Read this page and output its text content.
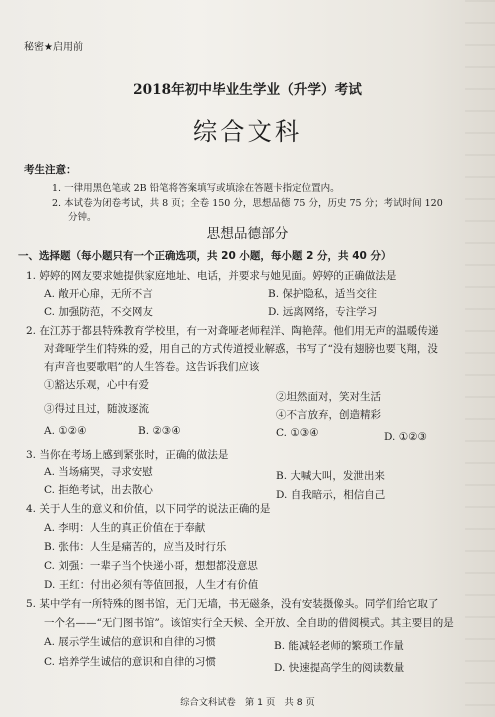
秘密★启用前
2018年初中毕业生学业（升学）考试
综合文科
考生注意：
1. 一律用黑色笔或 2B 铅笔将答案填写或填涂在答题卡指定位置内。
2. 本试卷为闭卷考试，共 8 页；全卷 150 分，思想品德 75 分，历史 75 分；考试时间 120
分钟。
思想品德部分
一、选择题（每小题只有一个正确选项，共 20 小题，每小题 2 分，共 40 分）
1. 婷婷的网友要求她提供家庭地址、电话，并要求与她见面。婷婷的正确做法是
A. 敞开心扉，无所不言	B. 保护隐私，适当交往
C. 加强防范，不交网友	D. 远离网络，专注学习
2. 在江苏于都县特殊教育学校里，有一对聋哑老师程洋、陶艳萍。他们用无声的温暖传递
对聋哑学生们特殊的爱，用自己的方式传道授业解惑，书写了“没有翅膀也要飞翔，没
有声音也要歌唱”的人生答卷。这告诉我们应该
①豁达乐观，心中有爱
②坦然面对，笑对生活
③得过且过，随波逐流	④不言放弃，创造精彩
A. ①②④	B. ②③④	C. ①③④	D. ①②③
3. 当你在考场上感到紧张时，正确的做法是
A. 当场痛哭，寻求安慰	B. 大喊大叫，发泄出来
C. 拒绝考试，出去散心	D. 自我暗示，相信自己
4. 关于人生的意义和价值，以下同学的说法正确的是
A. 李明：人生的真正价值在于奉献
B. 张伟：人生是痛苦的，应当及时行乐
C. 刘强：一辈子当个快递小哥，想想都没意思
D. 王红：付出必须有等值回报，人生才有价值
5. 某中学有一所特殊的图书馆，无门无墙，书无磁条，没有安装摄像头。同学们给它取了
一个名——“无门图书馆”。该馆实行全天候、全开放、全自助的借阅模式。其主要目的是
A. 展示学生诚信的意识和自律的习惯	B. 能减轻老师的繁琐工作量
C. 培养学生诚信的意识和自律的习惯	D. 快速提高学生的阅读数量
综合文科试卷　第 1 页　共 8 页
